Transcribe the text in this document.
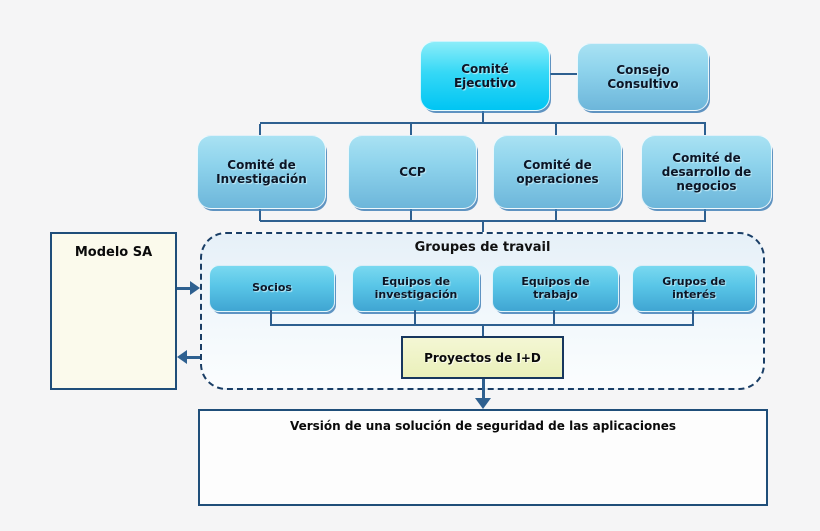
Comité Ejecutivo
Consejo Consultivo
Comité de Investigación
CCP
Comité de operaciones
Comité de desarrollo de negocios
Modelo SA	Groupes de travail
Socios	Equipos de investigación
Equipos de trabajo
Grupos de interés
Proyectos de I+D
Versión de una solución de seguridad de las aplicaciones
